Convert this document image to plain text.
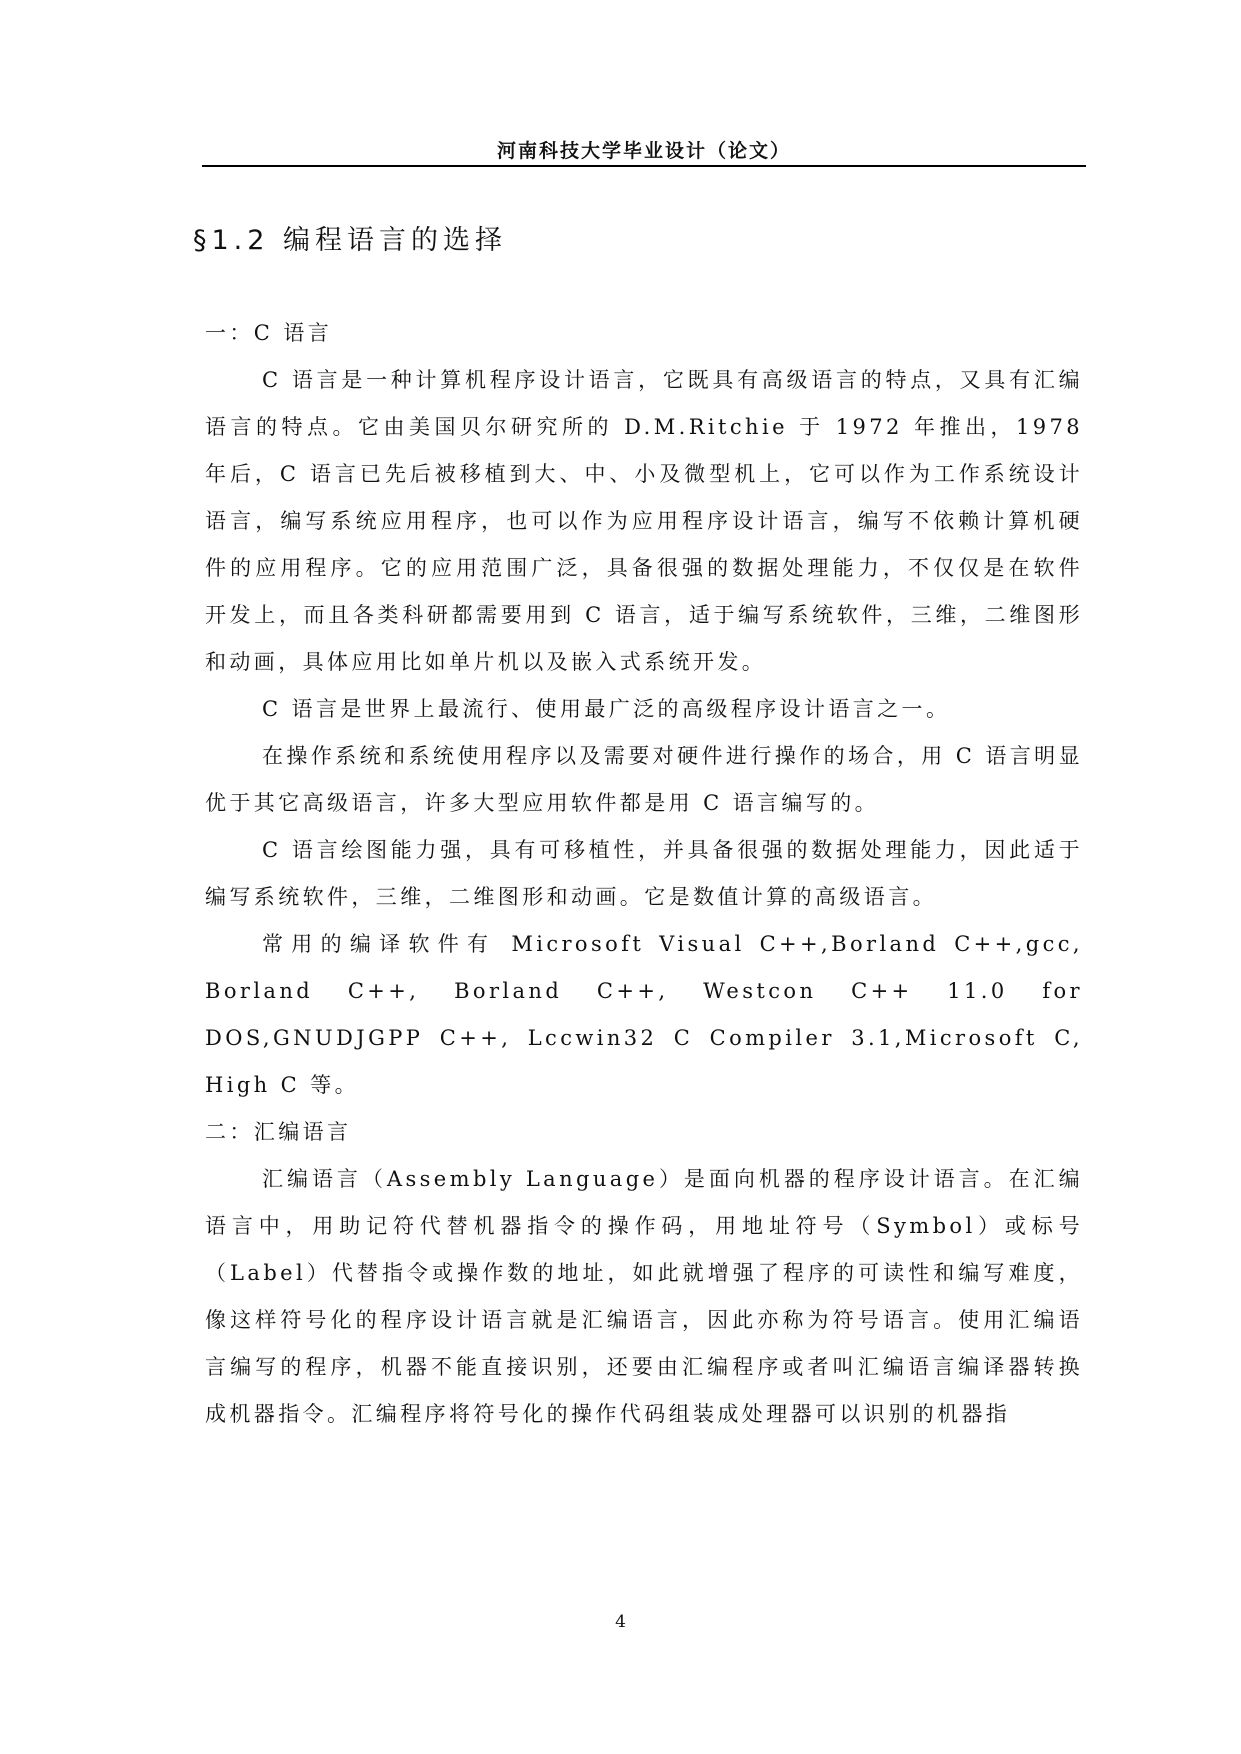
河南科技大学毕业设计（论文）
§1.2 编程语言的选择

一：C 语言

C 语言是一种计算机程序设计语言，它既具有高级语言的特点，又具有汇编语言的特点。它由美国贝尔研究所的 D.M.Ritchie 于 1972 年推出，1978 年后，C 语言已先后被移植到大、中、小及微型机上，它可以作为工作系统设计语言，编写系统应用程序，也可以作为应用程序设计语言，编写不依赖计算机硬件的应用程序。它的应用范围广泛，具备很强的数据处理能力，不仅仅是在软件开发上，而且各类科研都需要用到 C 语言，适于编写系统软件，三维，二维图形和动画，具体应用比如单片机以及嵌入式系统开发。

C 语言是世界上最流行、使用最广泛的高级程序设计语言之一。

在操作系统和系统使用程序以及需要对硬件进行操作的场合，用 C 语言明显优于其它高级语言，许多大型应用软件都是用 C 语言编写的。

C 语言绘图能力强，具有可移植性，并具备很强的数据处理能力，因此适于编写系统软件，三维，二维图形和动画。它是数值计算的高级语言。

常用的编译软件有 Microsoft Visual C++,Borland C++,gcc, Borland C++, Borland C++, Westcon C++ 11.0 for DOS,GNUDJGPP C++, Lccwin32 C Compiler 3.1,Microsoft C, High C 等。

二：汇编语言

汇编语言（Assembly Language）是面向机器的程序设计语言。在汇编语言中，用助记符代替机器指令的操作码，用地址符号（Symbol）或标号（Label）代替指令或操作数的地址，如此就增强了程序的可读性和编写难度，像这样符号化的程序设计语言就是汇编语言，因此亦称为符号语言。使用汇编语言编写的程序，机器不能直接识别，还要由汇编程序或者叫汇编语言编译器转换成机器指令。汇编程序将符号化的操作代码组装成处理器可以识别的机器指

4
